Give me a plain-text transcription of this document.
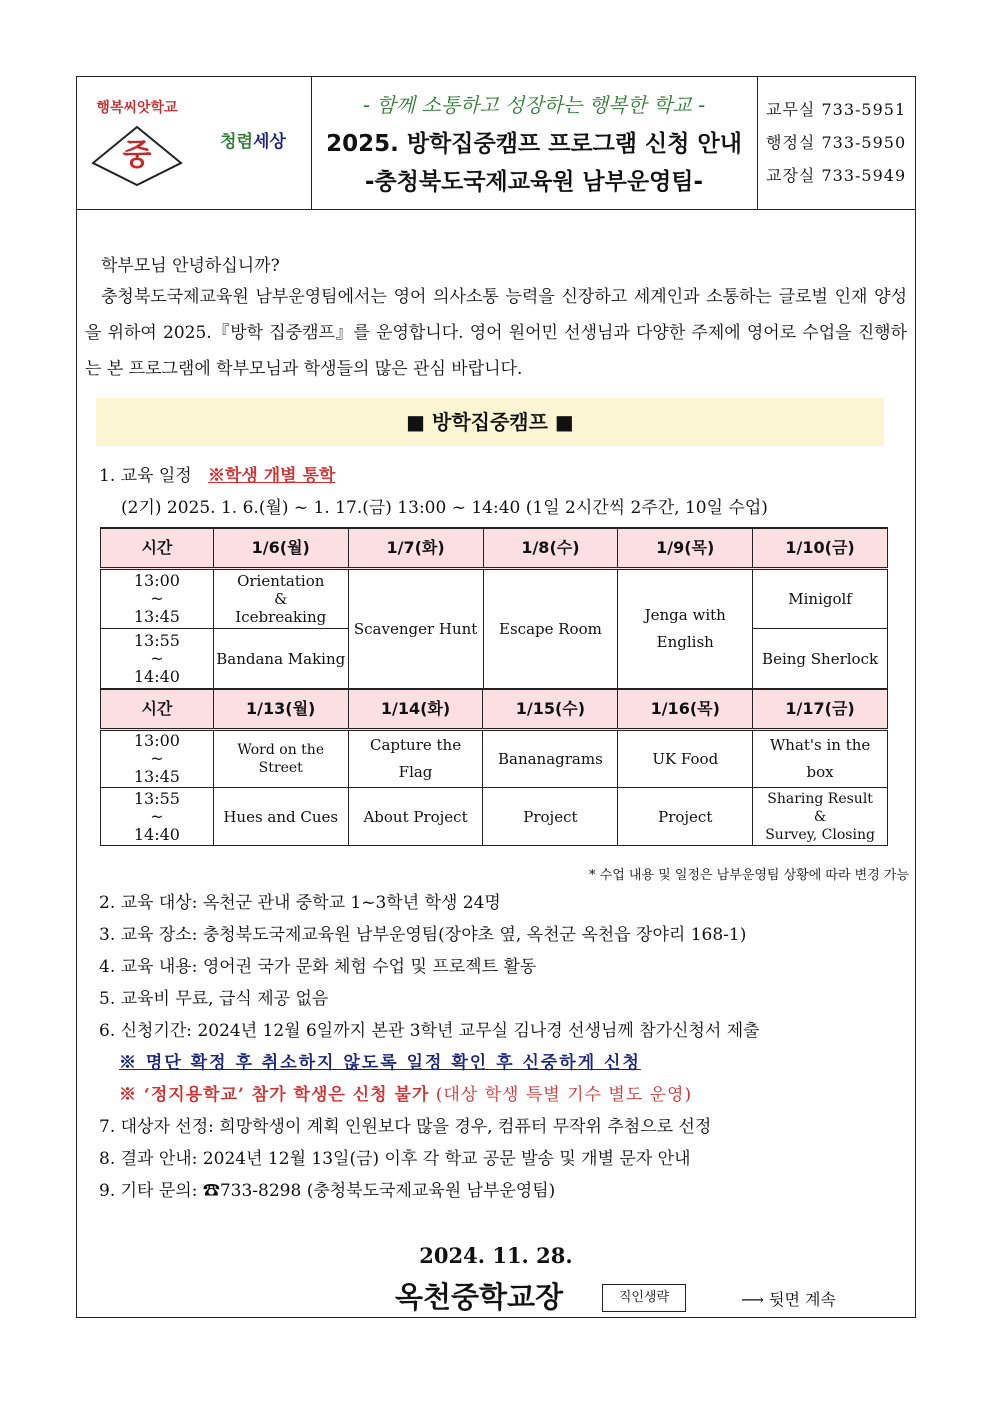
행복씨앗학교
중	청렴세상
- 함께 소통하고 성장하는 행복한 학교 -
2025. 방학집중캠프 프로그램 신청 안내
-충청북도국제교육원 남부운영팀-
교무실 733-5951
행정실 733-5950
교장실 733-5949
학부모님 안녕하십니까?
충청북도국제교육원 남부운영팀에서는 영어 의사소통 능력을 신장하고 세계인과 소통하는 글로벌 인재 양성을 위하여 2025.『방학 집중캠프』를 운영합니다. 영어 원어민 선생님과 다양한 주제에 영어로 수업을 진행하는 본 프로그램에 학부모님과 학생들의 많은 관심 바랍니다.
■ 방학집중캠프 ■
1. 교육 일정 ※학생 개별 통학
(2기) 2025. 1. 6.(월) ~ 1. 17.(금) 13:00 ~ 14:40 (1일 2시간씩 2주간, 10일 수업)
시간	1/6(월)	1/7(화)	1/8(수)	1/9(목)	1/10(금)
13:00
~
13:45	Orientation
&
Icebreaking	Scavenger Hunt	Escape Room	Jenga with
English	Minigolf
13:55
~
14:40	Bandana Making				Being Sherlock
시간	1/13(월)	1/14(화)	1/15(수)	1/16(목)	1/17(금)
13:00
~
13:45	Word on the Street	Capture the
Flag	Bananagrams	UK Food	What's in the
box
13:55
~
14:40	Hues and Cues	About Project	Project	Project	Sharing Result
&
Survey, Closing
* 수업 내용 및 일정은 남부운영팀 상황에 따라 변경 가능
2. 교육 대상: 옥천군 관내 중학교 1~3학년 학생 24명
3. 교육 장소: 충청북도국제교육원 남부운영팀(장야초 옆, 옥천군 옥천읍 장야리 168-1)
4. 교육 내용: 영어권 국가 문화 체험 수업 및 프로젝트 활동
5. 교육비 무료, 급식 제공 없음
6. 신청기간: 2024년 12월 6일까지 본관 3학년 교무실 김나경 선생님께 참가신청서 제출
※ 명단 확정 후 취소하지 않도록 일정 확인 후 신중하게 신청
※ ‘정지용학교’ 참가 학생은 신청 불가 (대상 학생 특별 기수 별도 운영)
7. 대상자 선정: 희망학생이 계획 인원보다 많을 경우, 컴퓨터 무작위 추첨으로 선정
8. 결과 안내: 2024년 12월 13일(금) 이후 각 학교 공문 발송 및 개별 문자 안내
9. 기타 문의: ☎733-8298 (충청북도국제교육원 남부운영팀)
2024. 11. 28.
옥천중학교장	직인생략	⟶ 뒷면 계속
